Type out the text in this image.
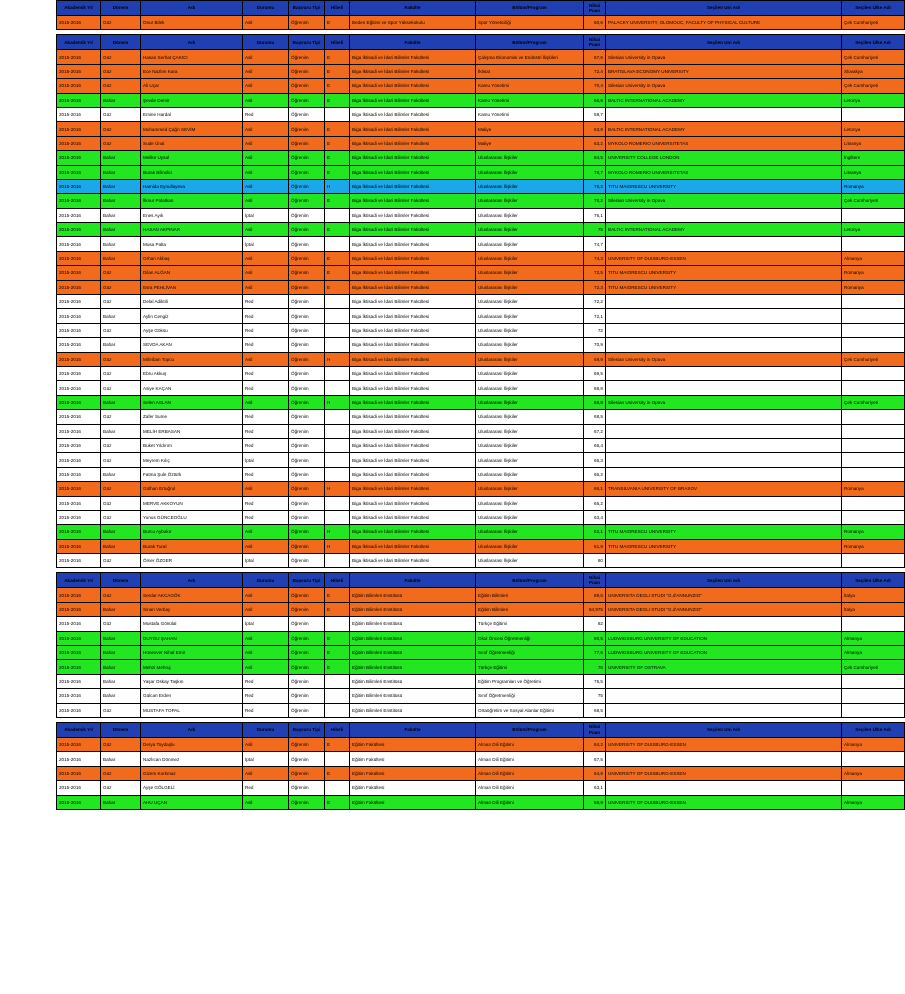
Akademik Yıl	Dönem	Adı	Durumu	Başvuru Tipi	Hibeli	Fakülte	Bölüm/Program	Nihai Puan	Seçilen Uni Adı	Seçilen Ülke Adı
2015-2016	Güz	Onur Bilek	Asil	Öğrenim	E	Beden Eğitimi ve Spor Yüksekokulu	Spor Yöneticiliği	60,6	PALACKY UNIVERSITY, OLOMOUC, FACULTY OF PHYSICAL CULTURE	Çek Cumhuriyeti

Akademik Yıl	Dönem	Adı	Durumu	Başvuru Tipi	Hibeli	Fakülte	Bölüm/Program	Nihai Puan	Seçilen Uni Adı	Seçilen Ülke Adı
2015-2016	Güz	Hasan Serhat ÇAKICI	Asil	Öğrenim	E	Biga İktisadi ve İdari Bilimler Fakültesi	Çalışma Ekonomisi ve Endüstri İlişkileri	67,6	Silesian University in Opava	Çek Cumhuriyeti
2015-2016	Güz	Ece Nazlım Kara	Asil	Öğrenim	E	Biga İktisadi ve İdari Bilimler Fakültesi	İktisat	72,4	BRATISLAVA ECONOMY UNIVERSITY	Slovakya
2015-2016	Güz	Ali Uçar	Asil	Öğrenim	E	Biga İktisadi ve İdari Bilimler Fakültesi	Kamu Yönetimi	70,4	Silesian University in Opava	Çek Cumhuriyeti
2015-2016	Bahar	Şevde Demir	Asil	Öğrenim	E	Biga İktisadi ve İdari Bilimler Fakültesi	Kamu Yönetimi	66,6	BALTIC INTERNATIONAL ACADEMY	Letonya
2015-2016	Güz	Emine Hardal	Red	Öğrenim		Biga İktisadi ve İdari Bilimler Fakültesi	Kamu Yönetimi	59,7		
2015-2016	Güz	Muhammed Çağrı SEVİM	Asil	Öğrenim	E	Biga İktisadi ve İdari Bilimler Fakültesi	Maliye	63,8	BALTIC INTERNATIONAL ACADEMY	Letonya
2015-2016	Güz	Sude Ünal	Asil	Öğrenim	E	Biga İktisadi ve İdari Bilimler Fakültesi	Maliye	63,2	MYKOLO ROMERIO UNIVERSITETAS	Litvanya
2015-2016	Bahar	Melike Uysal	Asil	Öğrenim	E	Biga İktisadi ve İdari Bilimler Fakültesi	Uluslararası İlişkiler	84,5	UNIVERSITY COLLEGE LONDON	İngiltere
2015-2016	Bahar	Burak Bilindici	Asil	Öğrenim	E	Biga İktisadi ve İdari Bilimler Fakültesi	Uluslararası İlişkiler	78,7	MYKOLO ROMERIO UNIVERSITETAS	Litvanya
2015-2016	Bahar	Hamida Eynullayeva	Asil	Öğrenim	H	Biga İktisadi ve İdari Bilimler Fakültesi	Uluslararası İlişkiler	78,2	TITU MAIORESCU UNIVERSITY	Romanya
2015-2016	Bahar	İlknur Polatkan	Asil	Öğrenim	E	Biga İktisadi ve İdari Bilimler Fakültesi	Uluslararası İlişkiler	76,2	Silesian University in Opava	Çek Cumhuriyeti
2015-2016	Bahar	Enes Ayık	İptal	Öğrenim		Biga İktisadi ve İdari Bilimler Fakültesi	Uluslararası İlişkiler	76,1		
2015-2016	Bahar	HASAN AKPINAR	Asil	Öğrenim	E	Biga İktisadi ve İdari Bilimler Fakültesi	Uluslararası İlişkiler	75	BALTIC INTERNATIONAL ACADEMY	Letonya
2015-2016	Bahar	Musa Palta	İptal	Öğrenim		Biga İktisadi ve İdari Bilimler Fakültesi	Uluslararası İlişkiler	74,7		
2015-2016	Bahar	Orhan Akbaş	Asil	Öğrenim	E	Biga İktisadi ve İdari Bilimler Fakültesi	Uluslararası İlişkiler	74,3	UNIVERSITY OF DUISBURG-ESSEN	Almanya
2015-2016	Güz	Dilan ALĞAN	Asil	Öğrenim	E	Biga İktisadi ve İdari Bilimler Fakültesi	Uluslararası İlişkiler	72,5	TITU MAIORESCU UNIVERSITY	Romanya
2015-2016	Güz	Esra PEHLİVAN	Asil	Öğrenim	E	Biga İktisadi ve İdari Bilimler Fakültesi	Uluslararası İlişkiler	72,3	TITU MAIORESCU UNIVERSITY	Romanya
2015-2016	Güz	Delal Adiktili	Red	Öğrenim		Biga İktisadi ve İdari Bilimler Fakültesi	Uluslararası İlişkiler	72,2		
2015-2016	Bahar	Aylin Cengiz	Red	Öğrenim		Biga İktisadi ve İdari Bilimler Fakültesi	Uluslararası İlişkiler	72,1		
2015-2016	Güz	Ayşe Göksu	Red	Öğrenim		Biga İktisadi ve İdari Bilimler Fakültesi	Uluslararası İlişkiler	72		
2015-2016	Bahar	SEVDA AKAN	Red	Öğrenim		Biga İktisadi ve İdari Bilimler Fakültesi	Uluslararası İlişkiler	70,9		
2015-2016	Güz	Mihriban Topcu	Asil	Öğrenim	H	Biga İktisadi ve İdari Bilimler Fakültesi	Uluslararası İlişkiler	69,9	Silesian University in Opava	Çek Cumhuriyeti
2015-2016	Güz	Ebru Akkuş	Red	Öğrenim		Biga İktisadi ve İdari Bilimler Fakültesi	Uluslararası İlişkiler	69,5		
2015-2016	Güz	Asiye KAÇAN	Red	Öğrenim		Biga İktisadi ve İdari Bilimler Fakültesi	Uluslararası İlişkiler	68,8		
2015-2016	Bahar	Selen ASLAN	Asil	Öğrenim	H	Biga İktisadi ve İdari Bilimler Fakültesi	Uluslararası İlişkiler	68,8	Silesian University in Opava	Çek Cumhuriyeti
2015-2016	Güz	Zafer Sume	Red	Öğrenim		Biga İktisadi ve İdari Bilimler Fakültesi	Uluslararası İlişkiler	68,5		
2015-2016	Bahar	MELİH ERBASAN	Red	Öğrenim		Biga İktisadi ve İdari Bilimler Fakültesi	Uluslararası İlişkiler	67,2		
2015-2016	Güz	Buket Yıldırım	Red	Öğrenim		Biga İktisadi ve İdari Bilimler Fakültesi	Uluslararası İlişkiler	66,4		
2015-2016	Güz	Meyrem Kılıç	İptal	Öğrenim		Biga İktisadi ve İdari Bilimler Fakültesi	Uluslararası İlişkiler	66,3		
2015-2016	Bahar	Fatma Şule Öztürk	Red	Öğrenim		Biga İktisadi ve İdari Bilimler Fakültesi	Uluslararası İlişkiler	66,2		
2015-2016	Güz	Gülhan Ertuğrul	Asil	Öğrenim	H	Biga İktisadi ve İdari Bilimler Fakültesi	Uluslararası İlişkiler	66,1	TRANSILVANIA UNIVERSITY OF BRASOV	Romanya
2015-2016	Güz	MERVE AKKOYUN	Red	Öğrenim		Biga İktisadi ve İdari Bilimler Fakültesi	Uluslararası İlişkiler	65,2		
2015-2016	Güz	Yunus GÜNCEOĞLU	Red	Öğrenim		Biga İktisadi ve İdari Bilimler Fakültesi	Uluslararası İlişkiler	63,4		
2015-2016	Bahar	Burcu Aybakır	Asil	Öğrenim	H	Biga İktisadi ve İdari Bilimler Fakültesi	Uluslararası İlişkiler	62,1	TITU MAIORESCU UNIVERSITY	Romanya
2015-2016	Bahar	Burak Tural	Asil	Öğrenim	H	Biga İktisadi ve İdari Bilimler Fakültesi	Uluslararası İlişkiler	61,9	TITU MAIORESCU UNIVERSITY	Romanya
2015-2016	Güz	Ömer ÖZGER	İptal	Öğrenim		Biga İktisadi ve İdari Bilimler Fakültesi	Uluslararası İlişkiler	60		

Akademik Yıl	Dönem	Adı	Durumu	Başvuru Tipi	Hibeli	Fakülte	Bölüm/Program	Nihai Puan	Seçilen Uni Adı	Seçilen Ülke Adı
2015-2016	Güz	Serdar AKCAGÖK	Asil	Öğrenim	E	Eğitim Bilimleri Enstitüsü	Eğitim Bilimleri	89,6	UNIVERSITA DEGLI STUDI "G.d'ANNUNZIO"	İtalya
2015-2016	Bahar	Sinan Verbay	Asil	Öğrenim	E	Eğitim Bilimleri Enstitüsü	Eğitim Bilimleri	84,975	UNIVERSITA DEGLI STUDI "G.d'ANNUNZIO"	İtalya
2015-2016	Güz	Mustafa Gönülal	İptal	Öğrenim		Eğitim Bilimleri Enstitüsü	Türkçe Eğitimi	82		
2015-2016	Bahar	DUYGU ŞAHAN	Asil	Öğrenim	E	Eğitim Bilimleri Enstitüsü	Okul Öncesi Öğretmenliği	80,5	LUDWIGSBURG UNIVERSITY OF EDUCATION	Almanya
2015-2016	Bahar	Hünevver Nihal Emir	Asil	Öğrenim	E	Eğitim Bilimleri Enstitüsü	Sınıf Öğretmenliği	77,6	LUDWIGSBURG UNIVERSITY OF EDUCATION	Almanya
2015-2016	Bahar	Mehzi Mehruj	Asil	Öğrenim	E	Eğitim Bilimleri Enstitüsü	Türkçe Eğitimi	76	UNIVERSITY OF OSTRAVA	Çek Cumhuriyeti
2015-2016	Bahar	Yaşar Oskay Taşkın	Red	Öğrenim		Eğitim Bilimleri Enstitüsü	Eğitim Programları ve Öğretimi	75,5		
2015-2016	Bahar	Gülcan Erden	Red	Öğrenim		Eğitim Bilimleri Enstitüsü	Sınıf Öğretmenliği	75		
2015-2016	Güz	MUSTAFA TOPAL	Red	Öğrenim		Eğitim Bilimleri Enstitüsü	Ortaöğretim ve Sosyal Alanlar Eğitimi	68,5		

Akademik Yıl	Dönem	Adı	Durumu	Başvuru Tipi	Hibeli	Fakülte	Bölüm/Program	Nihai Puan	Seçilen Uni Adı	Seçilen Ülke Adı
2015-2016	Güz	Derya Toydaşlu	Asil	Öğrenim	E	Eğitim Fakültesi	Alman Dili Eğitimi	84,2	UNIVERSITY OF DUISBURG-ESSEN	Almanya
2015-2016	Bahar	Nazlıcan Dönmez	İptal	Öğrenim		Eğitim Fakültesi	Alman Dili Eğitimi	67,5		
2015-2016	Güz	Gizem Korkmaz	Asil	Öğrenim	E	Eğitim Fakültesi	Alman Dili Eğitimi	64,9	UNIVERSITY OF DUISBURG-ESSEN	Almanya
2015-2016	Güz	Ayşe GÖLGELİ	Red	Öğrenim		Eğitim Fakültesi	Alman Dili Eğitimi	63,1		
2015-2016	Bahar	AHU UÇAN	Asil	Öğrenim	E	Eğitim Fakültesi	Alman Dili Eğitimi	58,9	UNIVERSITY OF DUISBURG-ESSEN	Almanya
